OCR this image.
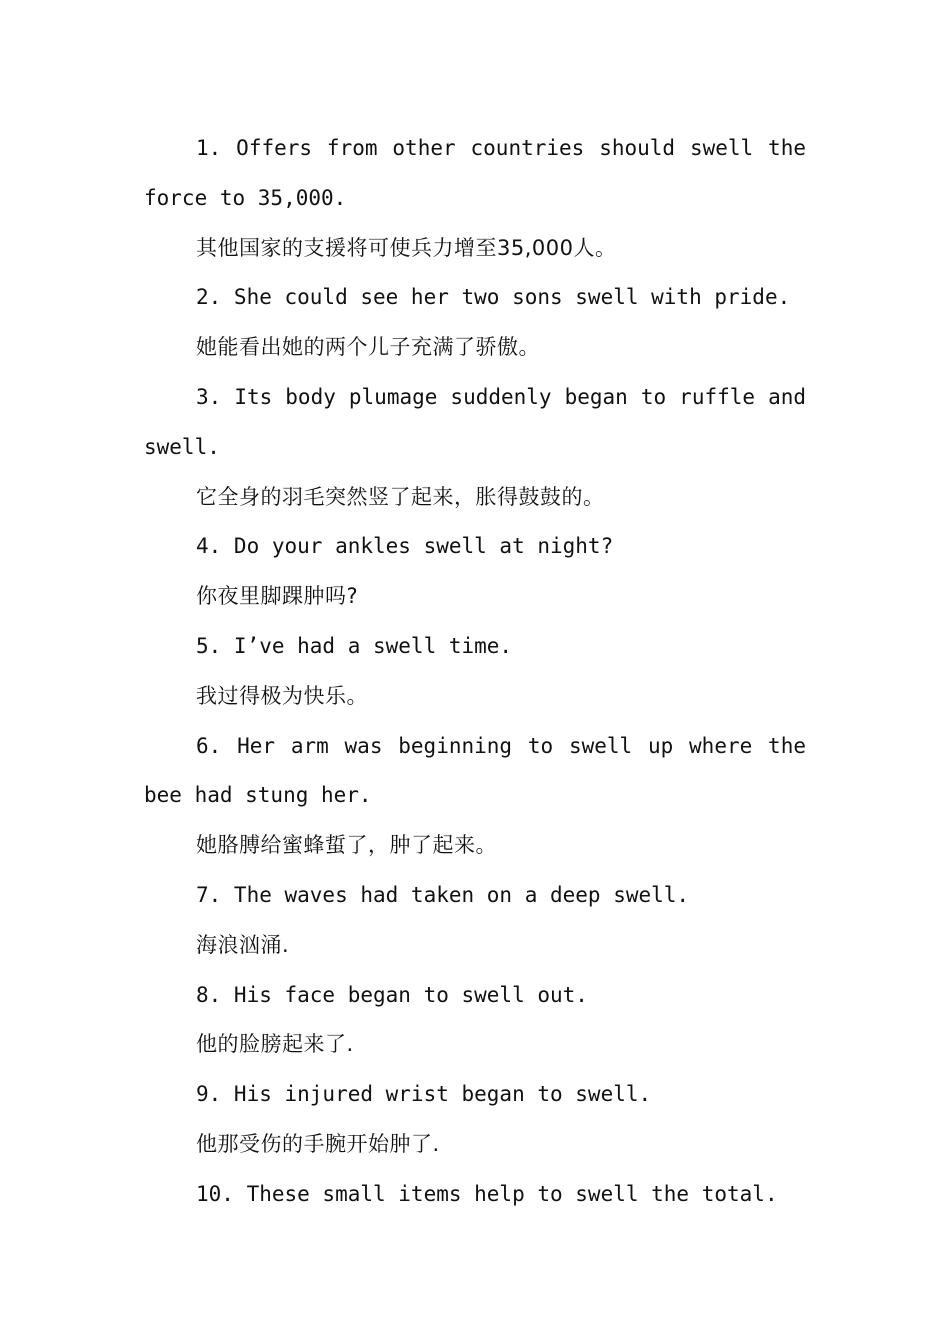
1. Offers from other countries should swell the force to 35,000.

其他国家的支援将可使兵力增至35,000人。

2. She could see her two sons swell with pride.

她能看出她的两个儿子充满了骄傲。

3. Its body plumage suddenly began to ruffle and swell.

它全身的羽毛突然竖了起来，胀得鼓鼓的。

4. Do your ankles swell at night?

你夜里脚踝肿吗?

5. I’ve had a swell time.

我过得极为快乐。

6. Her arm was beginning to swell up where the bee had stung her.

她胳膊给蜜蜂蜇了，肿了起来。

7. The waves had taken on a deep swell.

海浪汹涌.

8. His face began to swell out.

他的脸膀起来了.

9. His injured wrist began to swell.

他那受伤的手腕开始肿了.

10. These small items help to swell the total.
